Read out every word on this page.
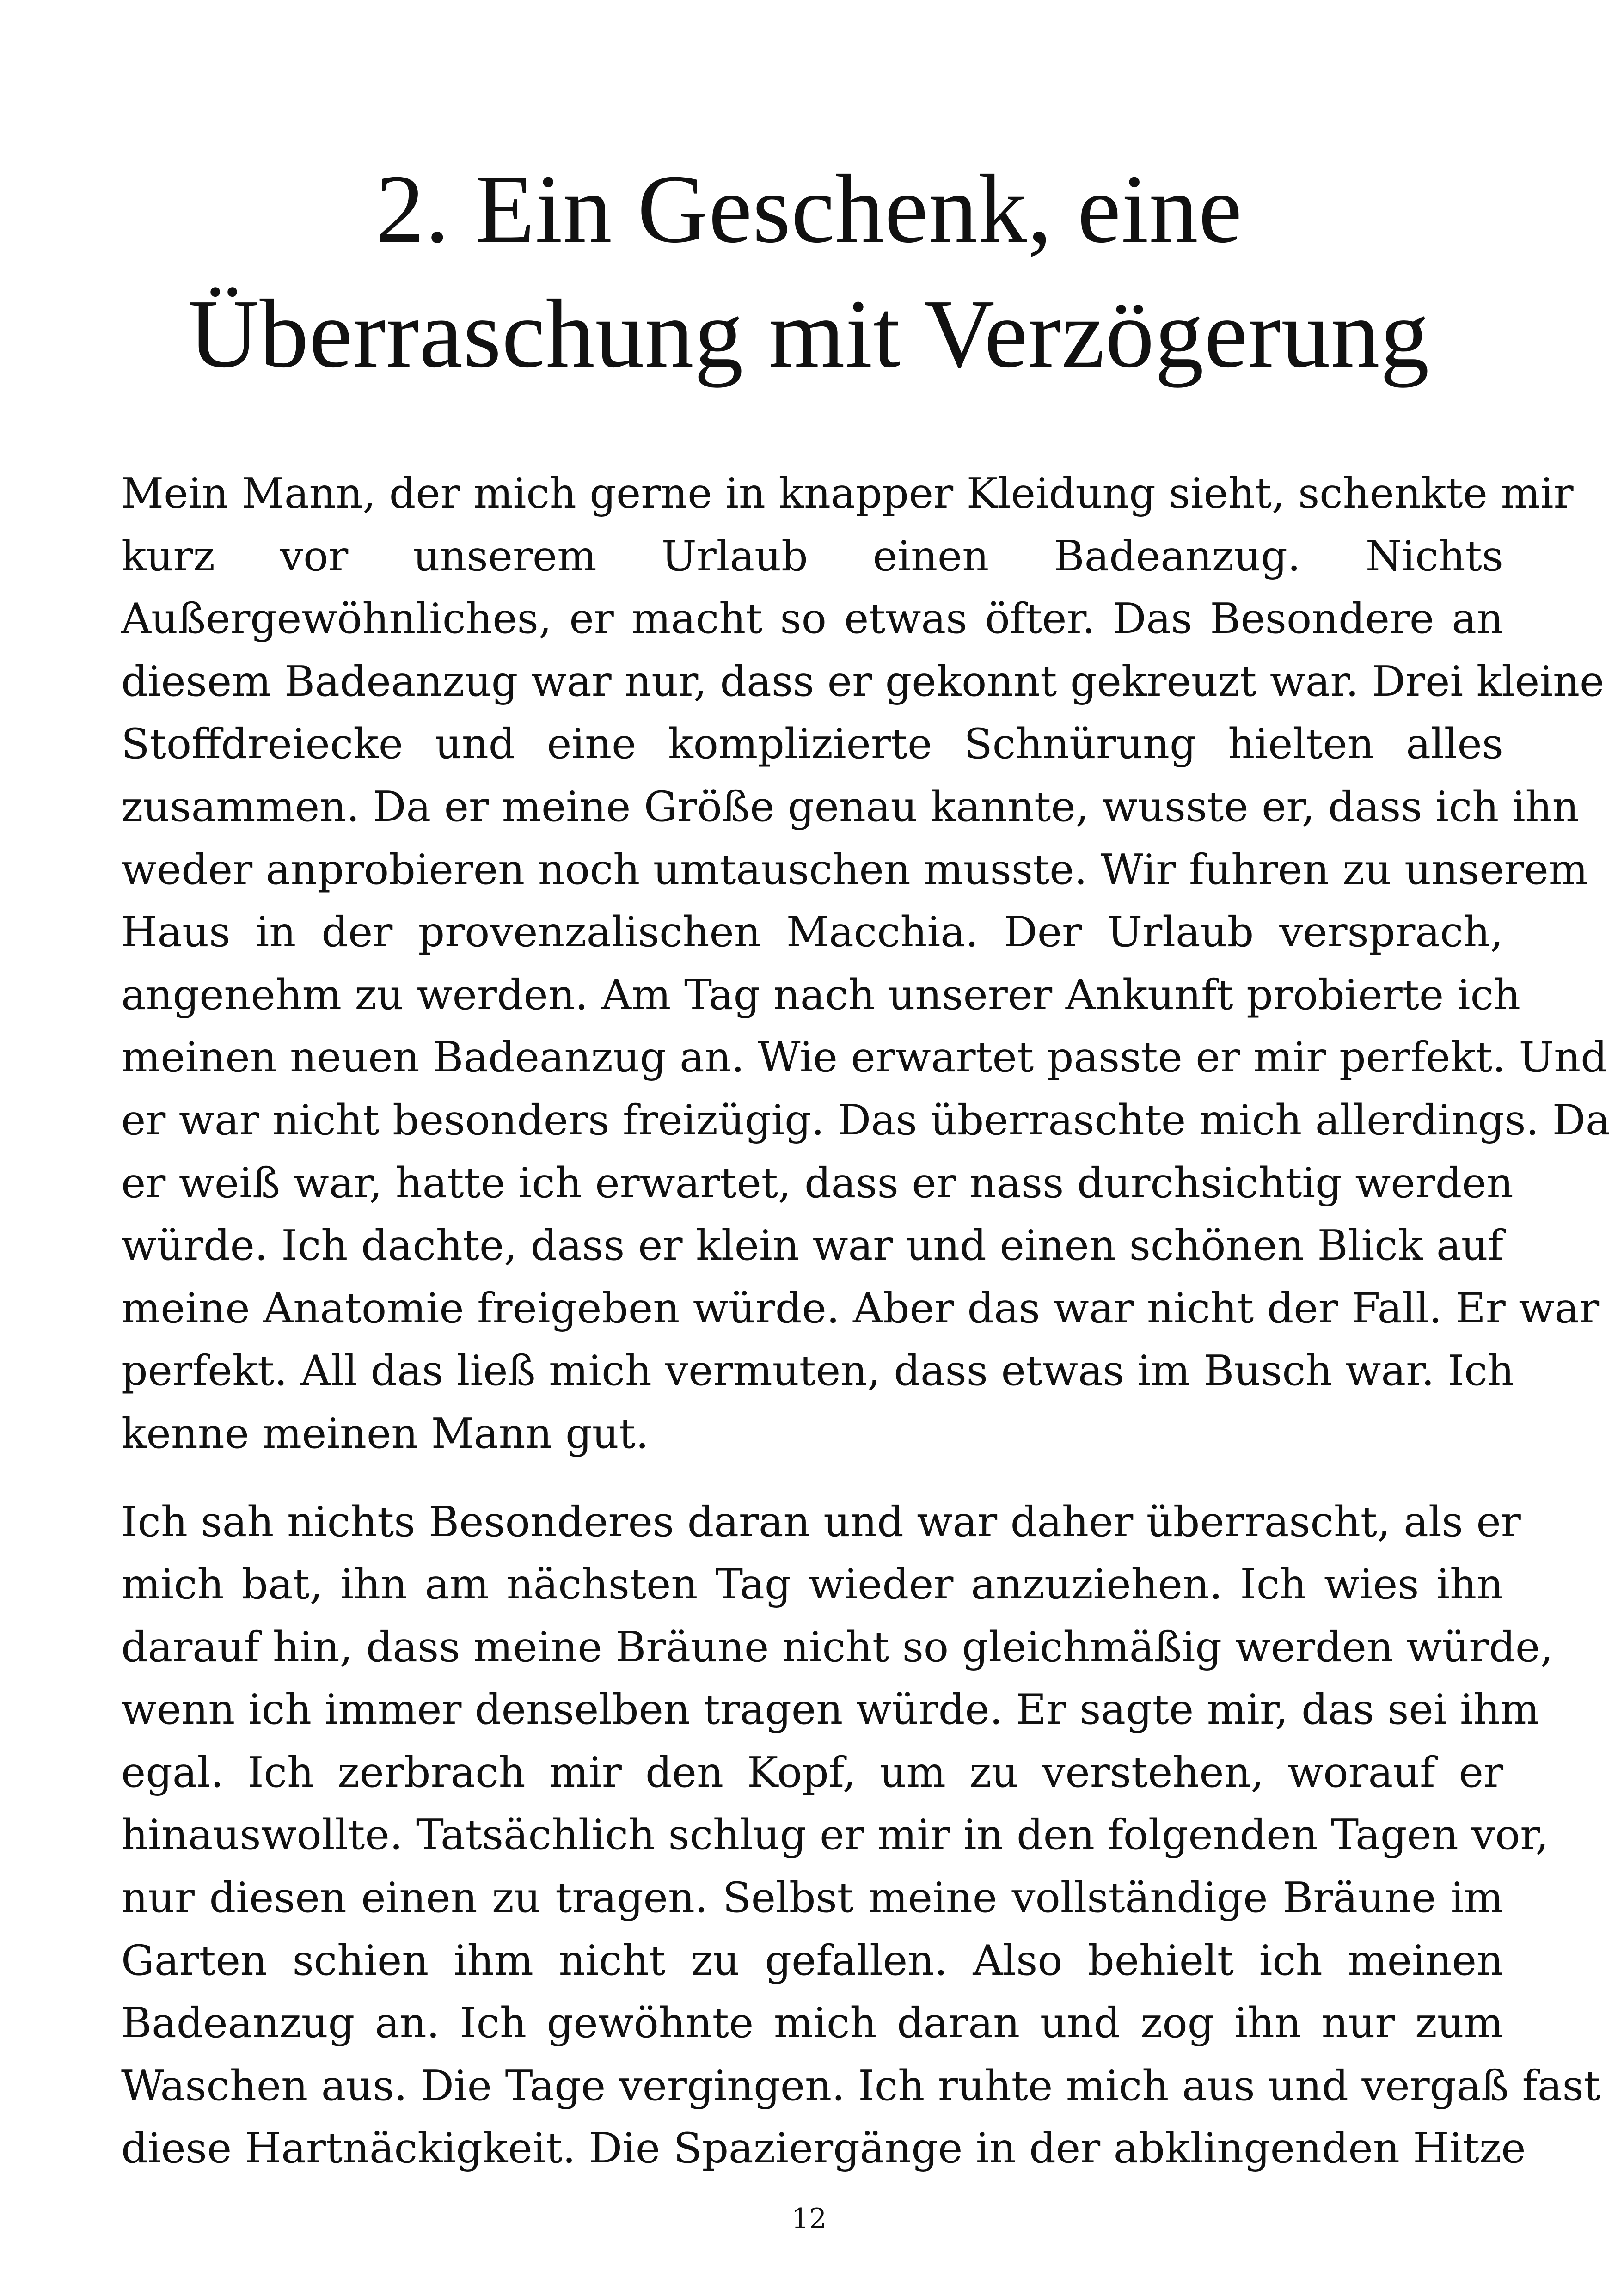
2. Ein Geschenk, eine
Überraschung mit Verzögerung
Mein Mann, der mich gerne in knapper Kleidung sieht, schenkte mir
kurz vor unserem Urlaub einen Badeanzug. Nichts
Außergewöhnliches, er macht so etwas öfter. Das Besondere an
diesem Badeanzug war nur, dass er gekonnt gekreuzt war. Drei kleine
Stoffdreiecke und eine komplizierte Schnürung hielten alles
zusammen. Da er meine Größe genau kannte, wusste er, dass ich ihn
weder anprobieren noch umtauschen musste. Wir fuhren zu unserem
Haus in der provenzalischen Macchia. Der Urlaub versprach,
angenehm zu werden. Am Tag nach unserer Ankunft probierte ich
meinen neuen Badeanzug an. Wie erwartet passte er mir perfekt. Und
er war nicht besonders freizügig. Das überraschte mich allerdings. Da
er weiß war, hatte ich erwartet, dass er nass durchsichtig werden
würde. Ich dachte, dass er klein war und einen schönen Blick auf
meine Anatomie freigeben würde. Aber das war nicht der Fall. Er war
perfekt. All das ließ mich vermuten, dass etwas im Busch war. Ich
kenne meinen Mann gut.
Ich sah nichts Besonderes daran und war daher überrascht, als er
mich bat, ihn am nächsten Tag wieder anzuziehen. Ich wies ihn
darauf hin, dass meine Bräune nicht so gleichmäßig werden würde,
wenn ich immer denselben tragen würde. Er sagte mir, das sei ihm
egal. Ich zerbrach mir den Kopf, um zu verstehen, worauf er
hinauswollte. Tatsächlich schlug er mir in den folgenden Tagen vor,
nur diesen einen zu tragen. Selbst meine vollständige Bräune im
Garten schien ihm nicht zu gefallen. Also behielt ich meinen
Badeanzug an. Ich gewöhnte mich daran und zog ihn nur zum
Waschen aus. Die Tage vergingen. Ich ruhte mich aus und vergaß fast
diese Hartnäckigkeit. Die Spaziergänge in der abklingenden Hitze
12
